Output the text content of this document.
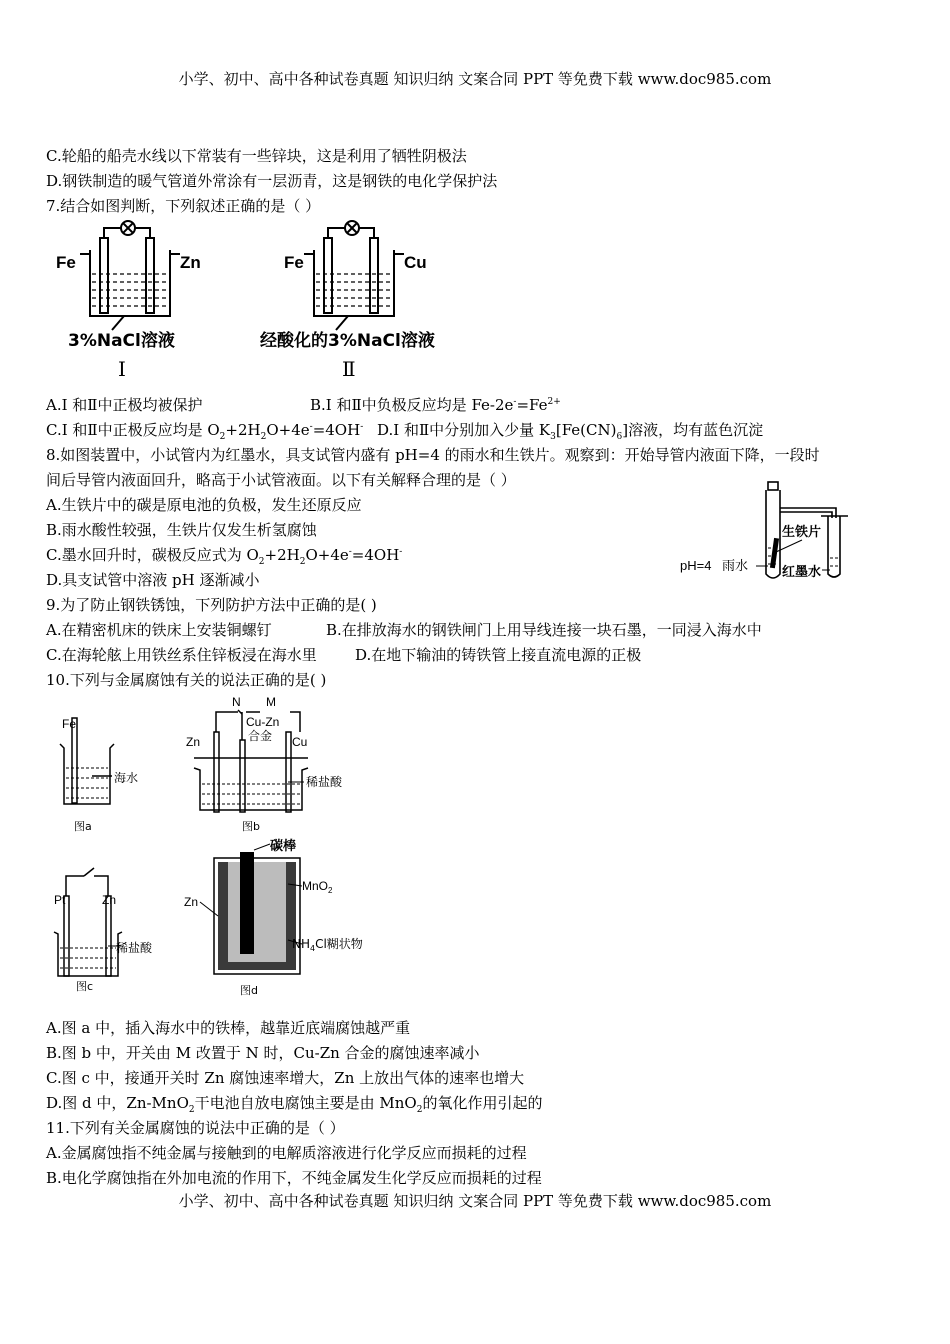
小学、初中、高中各种试卷真题 知识归纳 文案合同 PPT 等免费下载 www.doc985.com
C.轮船的船壳水线以下常装有一些锌块，这是利用了牺牲阴极法
D.钢铁制造的暖气管道外常涂有一层沥青，这是钢铁的电化学保护法
7.结合如图判断，下列叙述正确的是（ ）
Fe	Zn
3%NaCl溶液
Ⅰ
Fe	Cu
经酸化的3%NaCl溶液
Ⅱ
A.I 和Ⅱ中正极均被保护	B.I 和Ⅱ中负极反应均是 $Fe-2e^-=Fe^{2+}$
C.I 和Ⅱ中正极反应均是 $O_2+2H_2O+4e^-=4OH^-$ D.I 和Ⅱ中分别加入少量 $K_3[Fe(CN)_6]$溶液，均有蓝色沉淀
8.如图装置中，小试管内为红墨水，具支试管内盛有 pH=4 的雨水和生铁片。观察到：开始导管内液面下降，一段时
间后导管内液面回升，略高于小试管液面。以下有关解释合理的是（ ）
A.生铁片中的碳是原电池的负极，发生还原反应
B.雨水酸性较强，生铁片仅发生析氢腐蚀
C.墨水回升时，碳极反应式为 $O_2+2H_2O+4e^-=4OH^-$
D.具支试管中溶液 pH 逐渐减小
pH=4 雨水
生铁片
红墨水
9.为了防止钢铁锈蚀，下列防护方法中正确的是( )
A.在精密机床的铁床上安装铜螺钉	B.在排放海水的钢铁闸门上用导线连接一块石墨，一同浸入海水中
C.在海轮舷上用铁丝系住锌板浸在海水里	D.在地下输油的铸铁管上接直流电源的正极
10.下列与金属腐蚀有关的说法正确的是( )
Fe
海水
图a
N M
Cu-Zn
合金
Zn	Cu
稀盐酸
图b
Pt	Zn
稀盐酸
图c
碳棒
MnO$_2$
Zn
$NH_4Cl$糊状物
图d
A.图 a 中，插入海水中的铁棒，越靠近底端腐蚀越严重
B.图 b 中，开关由 M 改置于 N 时，Cu-Zn 合金的腐蚀速率减小
C.图 c 中，接通开关时 Zn 腐蚀速率增大，Zn 上放出气体的速率也增大
D.图 d 中，Zn-MnO$_2$干电池自放电腐蚀主要是由 MnO$_2$的氧化作用引起的
11.下列有关金属腐蚀的说法中正确的是（ ）
A.金属腐蚀指不纯金属与接触到的电解质溶液进行化学反应而损耗的过程
B.电化学腐蚀指在外加电流的作用下，不纯金属发生化学反应而损耗的过程
小学、初中、高中各种试卷真题 知识归纳 文案合同 PPT 等免费下载 www.doc985.com
